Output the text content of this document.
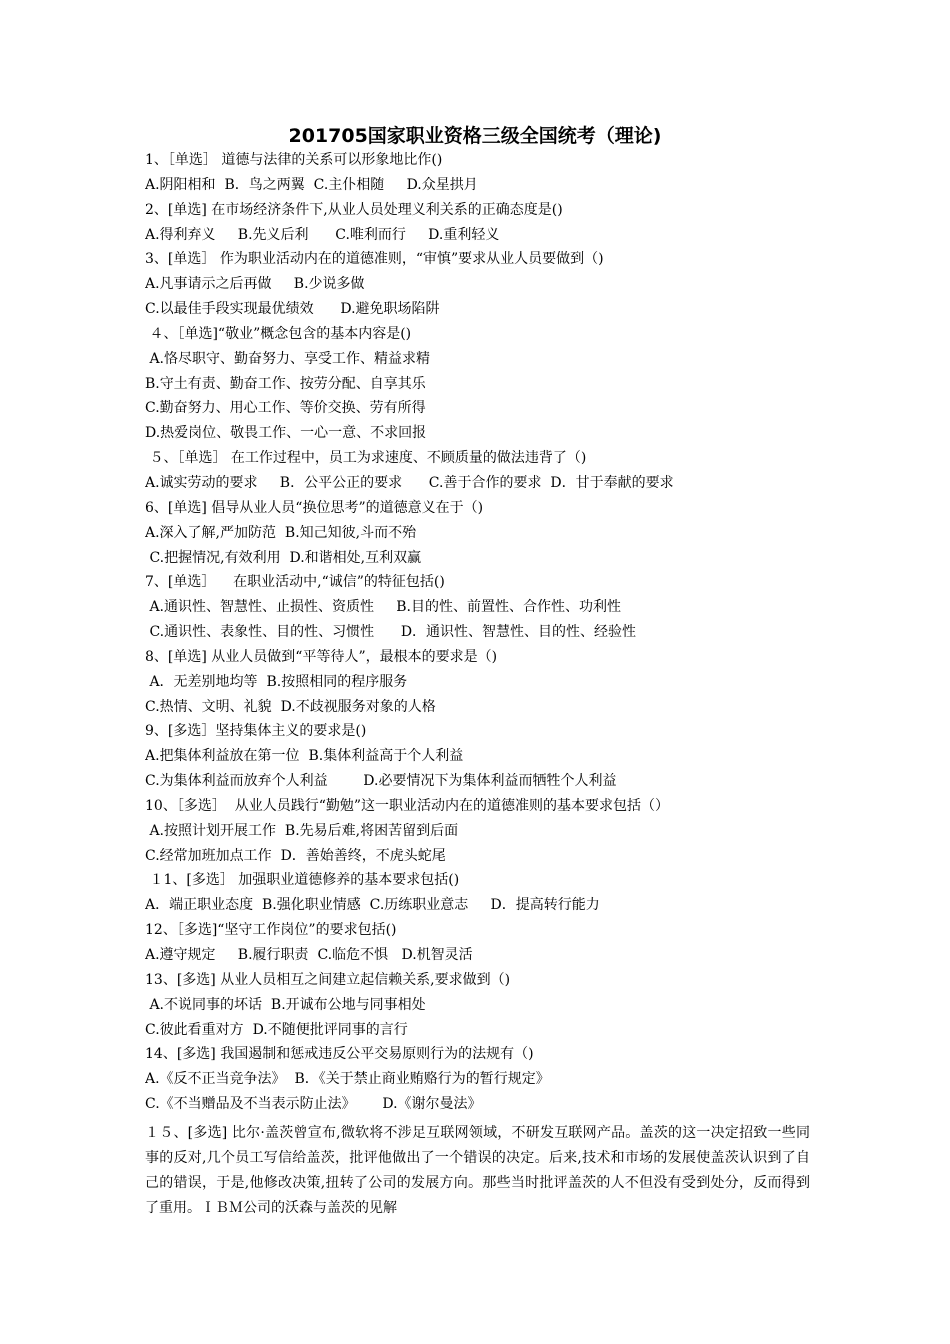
201705国家职业资格三级全国统考（理论)
1、［单选］ 道德与法律的关系可以形象地比作()
A.阴阳相和  B．鸟之两翼  C.主仆相随     D.众星拱月
2、[单选] 在市场经济条件下,从业人员处理义利关系的正确态度是()
A.得利弃义     B.先义后利      C.唯利而行     D.重利轻义
3、[单选］ 作为职业活动内在的道德准则，“审慎”要求从业人员要做到（)
A.凡事请示之后再做     B.少说多做
C.以最佳手段实现最优绩效      D.避免职场陷阱
４、［单选]“敬业”概念包含的基本内容是()
A.恪尽职守、勤奋努力、享受工作、精益求精
B.守土有责、勤奋工作、按劳分配、自享其乐
C.勤奋努力、用心工作、等价交换、劳有所得
D.热爱岗位、敬畏工作、一心一意、不求回报
５、［单选］ 在工作过程中，员工为求速度、不顾质量的做法违背了（)
A.诚实劳动的要求     B．公平公正的要求      C.善于合作的要求  D．甘于奉献的要求
6、[单选] 倡导从业人员“换位思考”的道德意义在于（)
A.深入了解,严加防范  B.知己知彼,斗而不殆
C.把握情况,有效利用  D.和谐相处,互利双赢
7、[单选］    在职业活动中,“诚信”的特征包括()
A.通识性、智慧性、止损性、资质性     B.目的性、前置性、合作性、功利性
C.通识性、表象性、目的性、习惯性      D．通识性、智慧性、目的性、经验性
8、[单选] 从业人员做到“平等待人”，最根本的要求是（)
A．无差别地均等  B.按照相同的程序服务
C.热情、文明、礼貌  D.不歧视服务对象的人格
9、[多选］坚持集体主义的要求是()
A.把集体利益放在第一位  B.集体利益高于个人利益
C.为集体利益而放弃个人利益        D.必要情况下为集体利益而牺牲个人利益
10、［多选］  从业人员践行“勤勉”这一职业活动内在的道德准则的基本要求包括（）
A.按照计划开展工作  B.先易后难,将困苦留到后面
C.经常加班加点工作  D．善始善终，不虎头蛇尾
１1、[多选］ 加强职业道德修养的基本要求包括()
A．端正职业态度  B.强化职业情感  C.历练职业意志     D．提高转行能力
12、［多选]“坚守工作岗位”的要求包括()
A.遵守规定     B.履行职责  C.临危不惧   D.机智灵活
13、[多选] 从业人员相互之间建立起信赖关系,要求做到（)
A.不说同事的坏话  B.开诚布公地与同事相处
C.彼此看重对方  D.不随便批评同事的言行
14、[多选] 我国遏制和惩戒违反公平交易原则行为的法规有（)
A.《反不正当竞争法》  B．《关于禁止商业贿赂行为的暂行规定》
C.《不当赠品及不当表示防止法》      D.《谢尔曼法》
１５、[多选] 比尔·盖茨曾宣布,微软将不涉足互联网领域，不研发互联网产品。盖茨的这一决定招致一些同事的反对,几个员工写信给盖茨，批评他做出了一个错误的决定。后来,技术和市场的发展使盖茨认识到了自己的错误，于是,他修改决策,扭转了公司的发展方向。那些当时批评盖茨的人不但没有受到处分，反而得到了重用。ＩＢＭ公司的沃森与盖茨的见解
